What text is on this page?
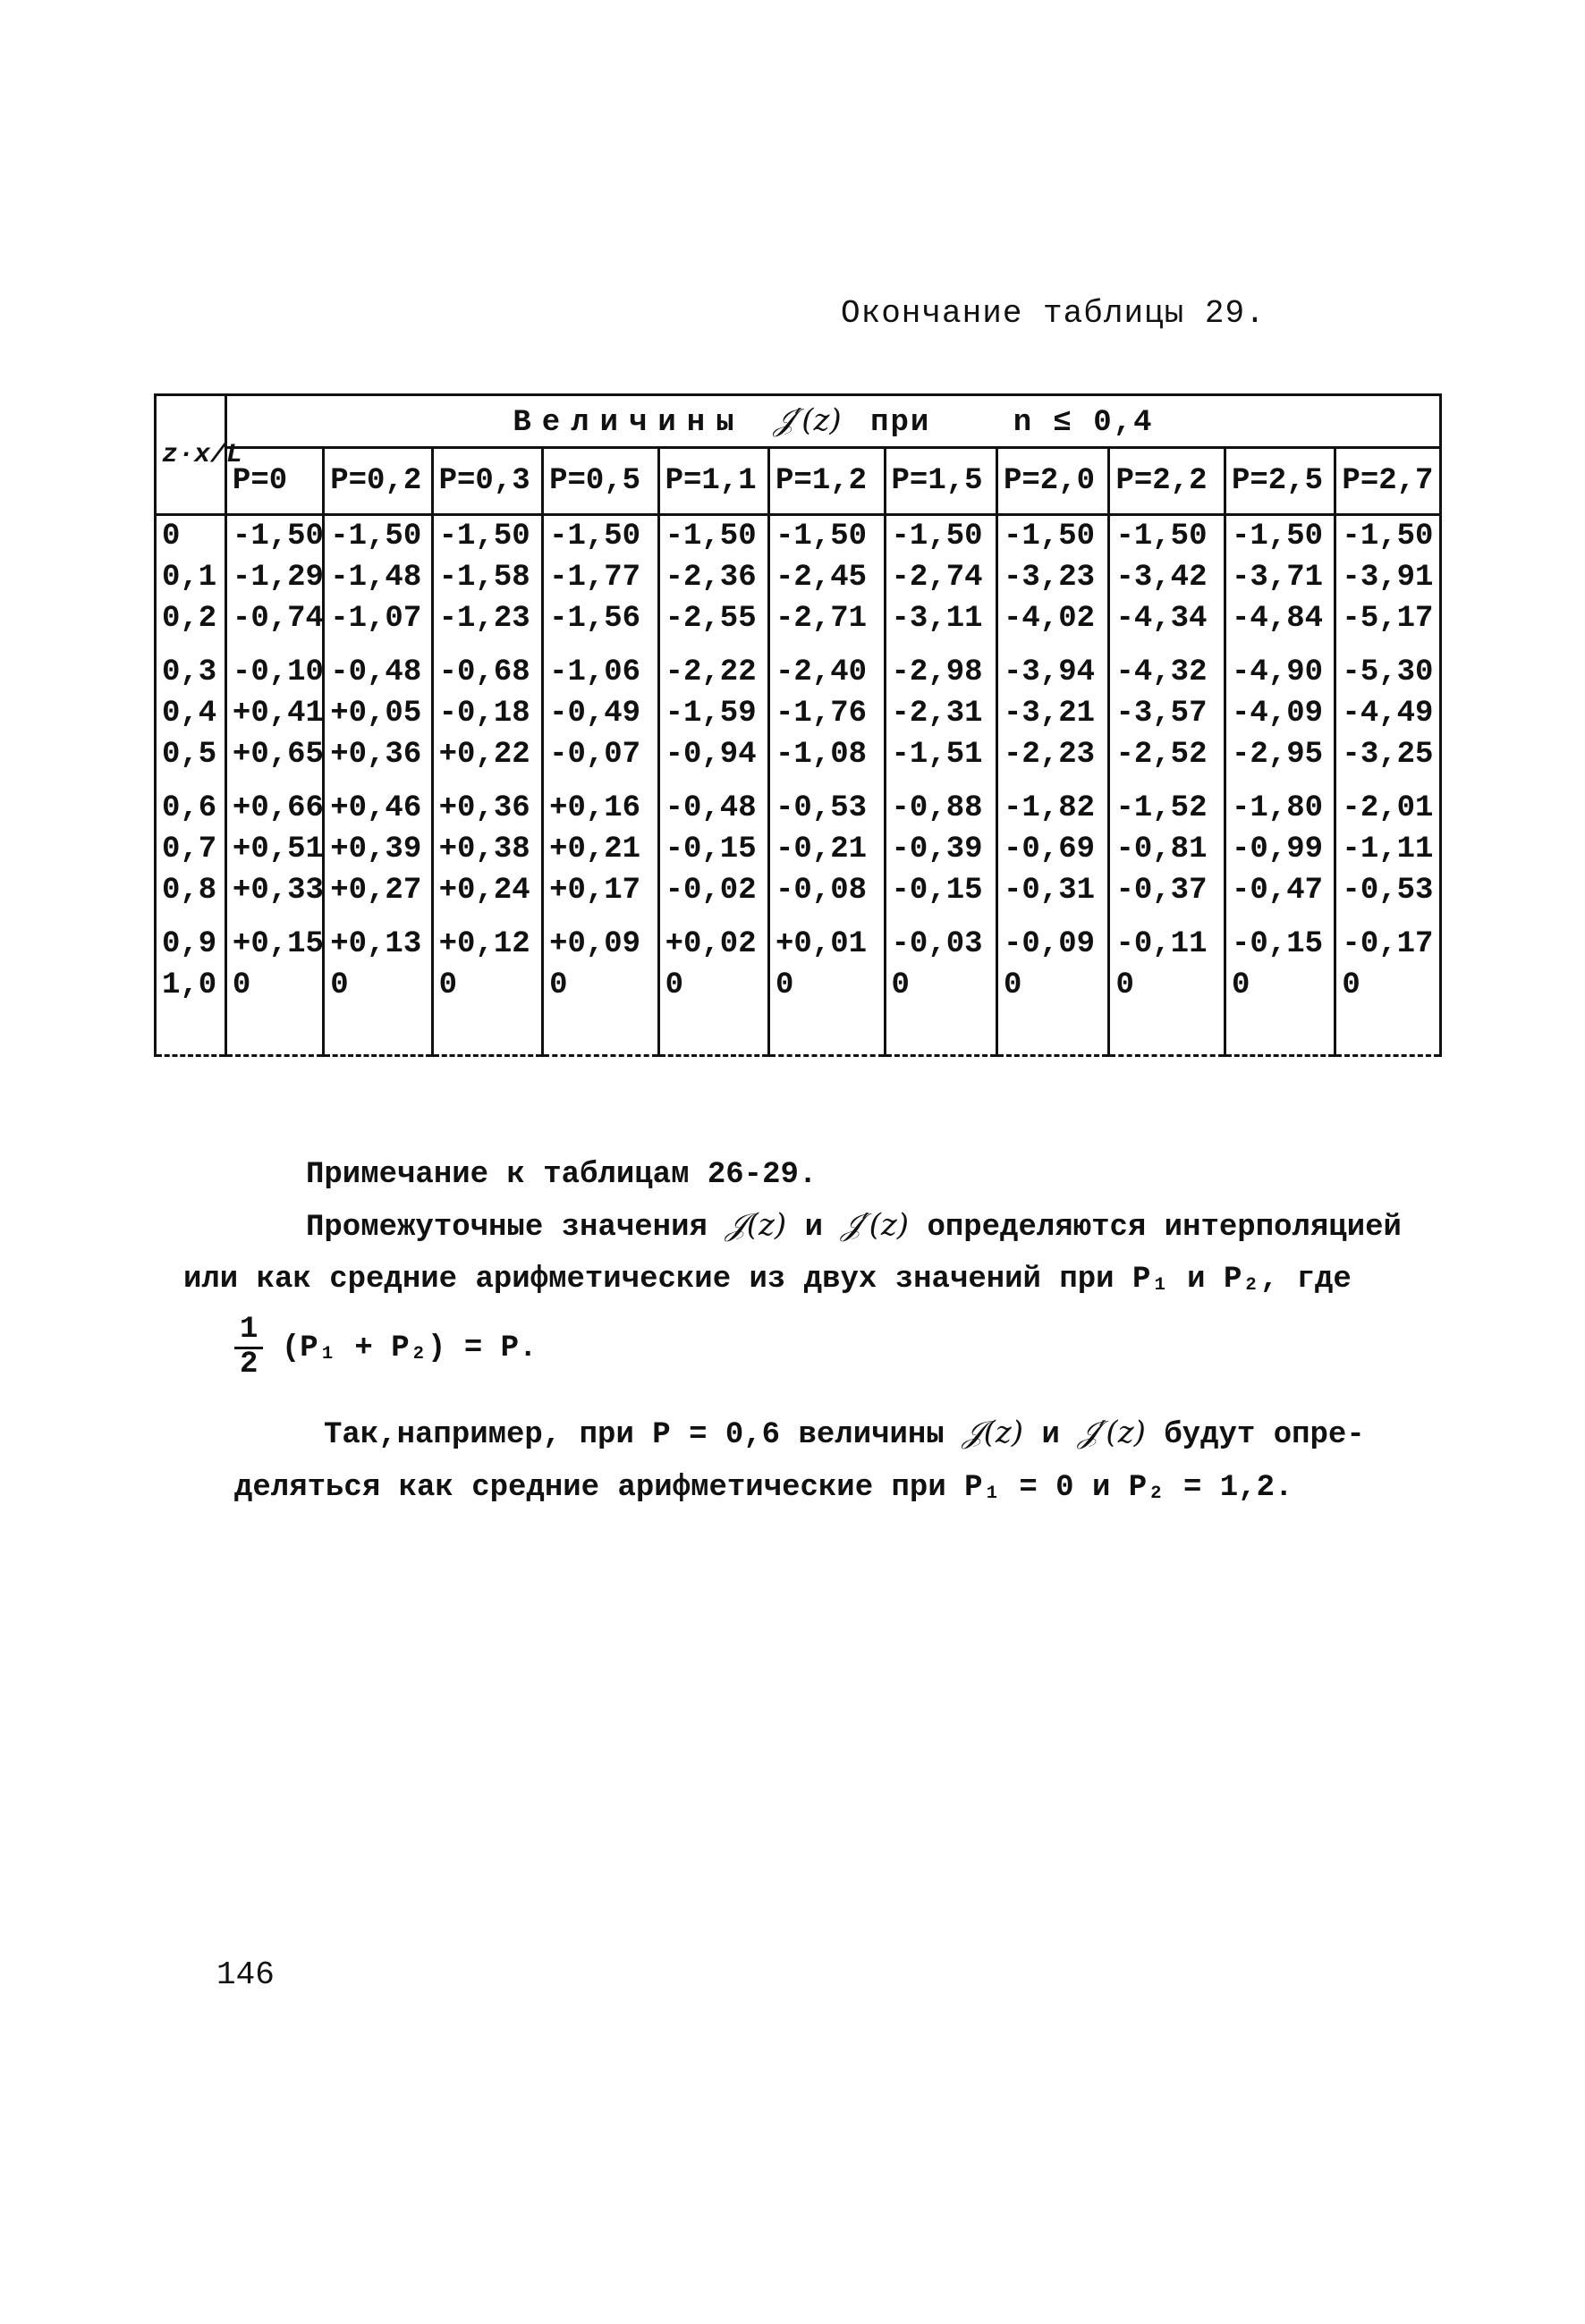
Окончание таблицы 29.
z·x/L	Величины 𝒥′(z) при n ≤ 0,4										
	P=0	P=0,2	P=0,3	P=0,5	P=1,1	P=1,2	P=1,5	P=2,0	P=2,2	P=2,5	P=2,7
0	-1,50	-1,50	-1,50	-1,50	-1,50	-1,50	-1,50	-1,50	-1,50	-1,50	-1,50
0,1	-1,29	-1,48	-1,58	-1,77	-2,36	-2,45	-2,74	-3,23	-3,42	-3,71	-3,91
0,2	-0,74	-1,07	-1,23	-1,56	-2,55	-2,71	-3,11	-4,02	-4,34	-4,84	-5,17
0,3	-0,10	-0,48	-0,68	-1,06	-2,22	-2,40	-2,98	-3,94	-4,32	-4,90	-5,30
0,4	+0,41	+0,05	-0,18	-0,49	-1,59	-1,76	-2,31	-3,21	-3,57	-4,09	-4,49
0,5	+0,65	+0,36	+0,22	-0,07	-0,94	-1,08	-1,51	-2,23	-2,52	-2,95	-3,25
0,6	+0,66	+0,46	+0,36	+0,16	-0,48	-0,53	-0,88	-1,82	-1,52	-1,80	-2,01
0,7	+0,51	+0,39	+0,38	+0,21	-0,15	-0,21	-0,39	-0,69	-0,81	-0,99	-1,11
0,8	+0,33	+0,27	+0,24	+0,17	-0,02	-0,08	-0,15	-0,31	-0,37	-0,47	-0,53
0,9	+0,15	+0,13	+0,12	+0,09	+0,02	+0,01	-0,03	-0,09	-0,11	-0,15	-0,17
1,0	0	0	0	0	0	0	0	0	0	0	0

Примечание к таблицам 26-29.
Промежуточные значения 𝒥(z) и 𝒥′(z) определяются интерполяцией
или как средние арифметические из двух значений при P₁ и P₂, где
$\frac{1}{2} (P_1 + P_2) = P$.
Так,например, при P = 0,6 величины 𝒥(z) и 𝒥′(z) будут опре-
деляться как средние арифметические при P₁ = 0 и P₂ = 1,2.
146
